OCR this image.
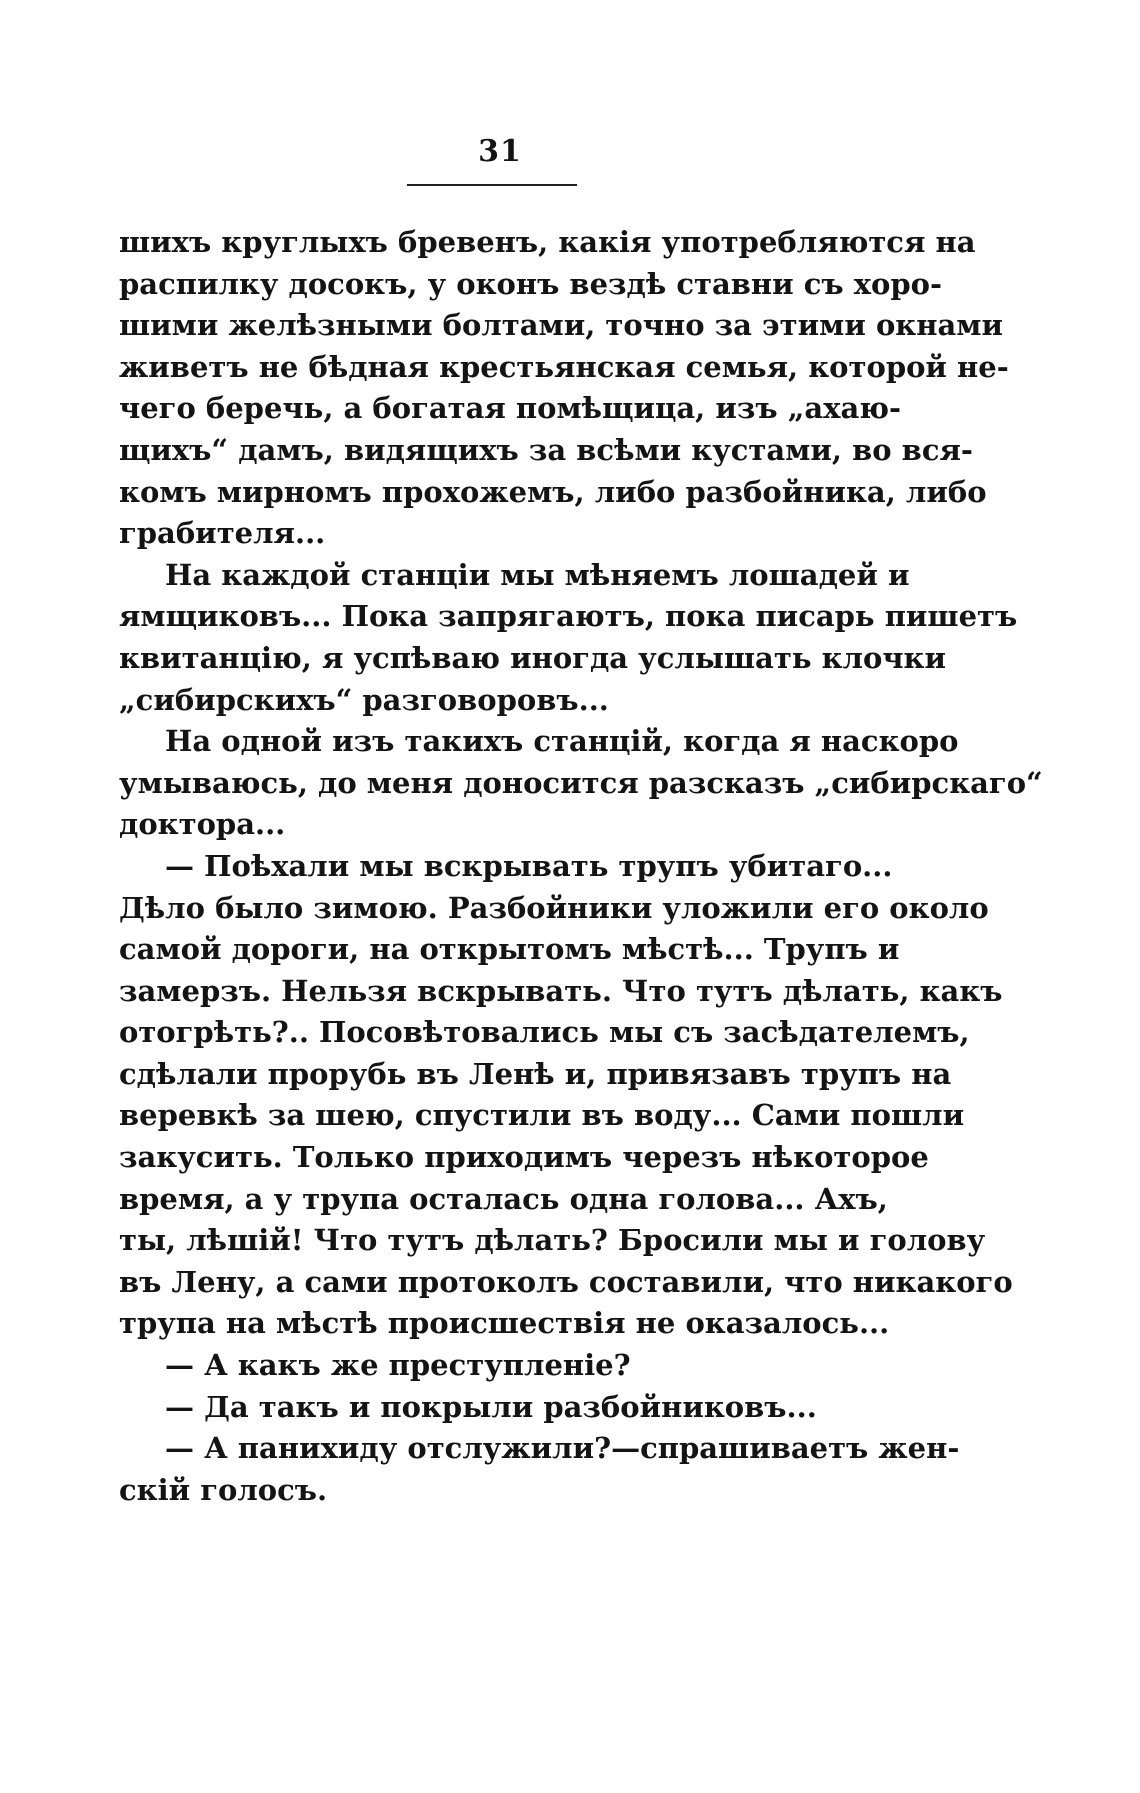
31
шихъ круглыхъ бревенъ, какія употребляются на
распилку досокъ, у оконъ вездѣ ставни съ хоро-
шими желѣзными болтами, точно за этими окнами
живетъ не бѣдная крестьянская семья, которой не-
чего беречь, а богатая помѣщица, изъ „ахаю-
щихъ“ дамъ, видящихъ за всѣми кустами, во вся-
комъ мирномъ прохожемъ, либо разбойника, либо
грабителя...
На каждой станціи мы мѣняемъ лошадей и
ямщиковъ... Пока запрягаютъ, пока писарь пишетъ
квитанцію, я успѣваю иногда услышать клочки
„сибирскихъ“ разговоровъ...
На одной изъ такихъ станцій, когда я наскоро
умываюсь, до меня доносится разсказъ „сибирскаго“
доктора...
— Поѣхали мы вскрывать трупъ убитаго...
Дѣло было зимою. Разбойники уложили его около
самой дороги, на открытомъ мѣстѣ... Трупъ и
замерзъ. Нельзя вскрывать. Что тутъ дѣлать, какъ
отогрѣть?.. Посовѣтовались мы съ засѣдателемъ,
сдѣлали прорубь въ Ленѣ и, привязавъ трупъ на
веревкѣ за шею, спустили въ воду... Сами пошли
закусить. Только приходимъ черезъ нѣкоторое
время, а у трупа осталась одна голова... Ахъ,
ты, лѣшій! Что тутъ дѣлать? Бросили мы и голову
въ Лену, а сами протоколъ составили, что никакого
трупа на мѣстѣ происшествія не оказалось...
— А какъ же преступленіе?
— Да такъ и покрыли разбойниковъ...
— А панихиду отслужили?—спрашиваетъ жен-
скій голосъ.
